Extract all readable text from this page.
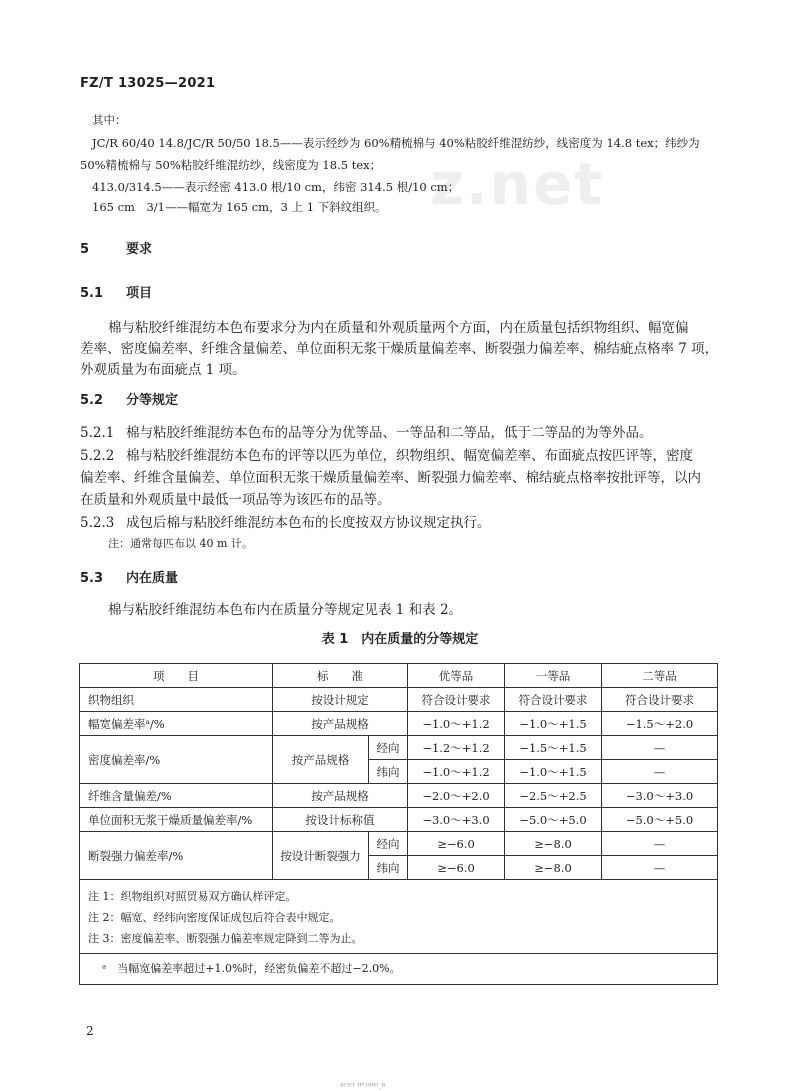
z.net
FZ/T 13025—2021
其中：
JC/R 60/40 14.8/JC/R 50/50 18.5——表示经纱为 60%精梳棉与 40%粘胶纤维混纺纱，线密度为 14.8 tex；纬纱为
50%精梳棉与 50%粘胶纤维混纺纱，线密度为 18.5 tex；
413.0/314.5——表示经密 413.0 根/10 cm，纬密 314.5 根/10 cm；
165 cm　3/1——幅宽为 165 cm，3 上 1 下斜纹组织。
5	要求
5.1 项目
棉与粘胶纤维混纺本色布要求分为内在质量和外观质量两个方面，内在质量包括织物组织、幅宽偏
差率、密度偏差率、纤维含量偏差、单位面积无浆干燥质量偏差率、断裂强力偏差率、棉结疵点格率 7 项，
外观质量为布面疵点 1 项。
5.2 分等规定
5.2.1 棉与粘胶纤维混纺本色布的品等分为优等品、一等品和二等品，低于二等品的为等外品。
5.2.2 棉与粘胶纤维混纺本色布的评等以匹为单位，织物组织、幅宽偏差率、布面疵点按匹评等，密度
偏差率、纤维含量偏差、单位面积无浆干燥质量偏差率、断裂强力偏差率、棉结疵点格率按批评等，以内
在质量和外观质量中最低一项品等为该匹布的品等。
5.2.3 成包后棉与粘胶纤维混纺本色布的长度按双方协议规定执行。
注：通常每匹布以 40 m 计。
5.3 内在质量
棉与粘胶纤维混纺本色布内在质量分等规定见表 1 和表 2。
表 1　内在质量的分等规定
项　　目	标　　准		优等品	一等品	二等品
织物组织	按设计规定		符合设计要求	符合设计要求	符合设计要求
幅宽偏差率ᵃ/%	按产品规格		−1.0～+1.2	−1.0～+1.5	−1.5～+2.0
密度偏差率/%	按产品规格	经向	−1.2～+1.2	−1.5～+1.5	—
		纬向	−1.0～+1.2	−1.0～+1.5	—
纤维含量偏差/%	按产品规格		−2.0～+2.0	−2.5～+2.5	−3.0～+3.0
单位面积无浆干燥质量偏差率/%	按设计标称值		−3.0～+3.0	−5.0～+5.0	−5.0～+5.0
断裂强力偏差率/%	按设计断裂强力	经向	≥−6.0	≥−8.0	—
		纬向	≥−6.0	≥−8.0	—

注 1：织物组织对照贸易双方确认样评定。
注 2：幅宽、经纬向密度保证成包后符合表中规定。
注 3：密度偏差率、断裂强力偏差率规定降到二等为止。					

ᵃ　当幅宽偏差率超过+1.0%时，经密负偏差不超过−2.0%。					
2
ᴮᵁᴱᵀ ᴵᴾᵁᴺᵂᴵ.ᴺ
